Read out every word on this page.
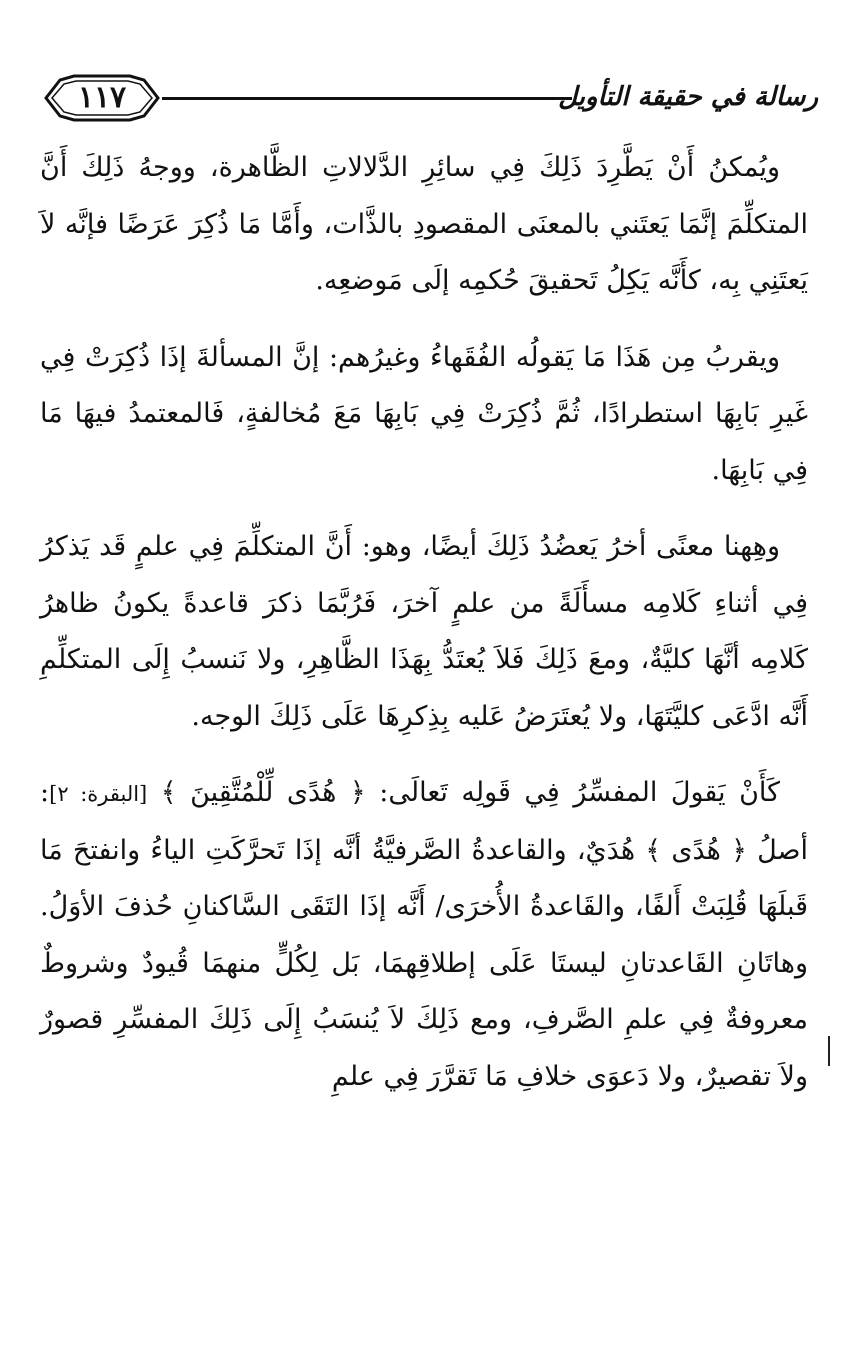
١١٧	رسالة في حقيقة التأويل

ويُمكنُ أَنْ يَطَّرِدَ ذَلِكَ فِي سائِرِ الدَّلالاتِ الظَّاهرة، ووجهُ ذَلِكَ أَنَّ المتكلِّمَ إنَّمَا يَعتَني بالمعنَى المقصودِ بالذَّات، وأَمَّا مَا ذُكِرَ عَرَضًا فإنَّه لاَ يَعتَنِي بِه، كأَنَّه يَكِلُ تَحقيقَ حُكمِه إلَى مَوضعِه.

ويقربُ مِن هَذَا مَا يَقولُه الفُقَهاءُ وغيرُهم: إنَّ المسألةَ إذَا ذُكِرَتْ فِي غَيرِ بَابِهَا استطرادًا، ثُمَّ ذُكِرَتْ فِي بَابِهَا مَعَ مُخالفةٍ، فَالمعتمدُ فيهَا مَا فِي بَابِهَا.

وهِهنا معنًى أخرُ يَعضُدُ ذَلِكَ أيضًا، وهو: أَنَّ المتكلِّمَ فِي علمٍ قَد يَذكرُ فِي أثناءِ كَلامِه مسأَلَةً من علمٍ آخرَ، فَرُبَّمَا ذكرَ قاعدةً يكونُ ظاهرُ كَلامِه أنَّهَا كليَّةٌ، ومعَ ذَلِكَ فَلاَ يُعتَدُّ بِهَذَا الظَّاهِرِ، ولا نَنسبُ إِلَى المتكلِّمِ أَنَّه ادَّعَى كليَّتَهَا، ولا يُعتَرَضُ عَليه بِذِكرِهَا عَلَى ذَلِكَ الوجه.

كَأَنْ يَقولَ المفسِّرُ فِي قَولِه تَعالَى: ﴿ هُدًى لِّلْمُتَّقِينَ ﴾ [البقرة: ٢]: أصلُ ﴿ هُدًى ﴾ هُدَيٌ، والقاعدةُ الصَّرفيَّةُ أنَّه إذَا تَحرَّكَتِ الياءُ وانفتحَ مَا قَبلَهَا قُلِبَتْ أَلفًا، والقَاعدةُ الأُخرَى/ أَنَّه إذَا التَقَى السَّاكنانِ حُذفَ الأوَلُ. وهاتَانِ القَاعدتانِ ليستَا عَلَى إطلاقِهمَا، بَل لِكُلٍّ منهمَا قُيودٌ وشروطٌ معروفةٌ فِي علمِ الصَّرفِ، ومع ذَلِكَ لاَ يُنسَبُ إِلَى ذَلِكَ المفسِّرِ قصورٌ ولاَ تقصيرٌ، ولا دَعوَى خلافِ مَا تَقرَّرَ فِي علمِ
